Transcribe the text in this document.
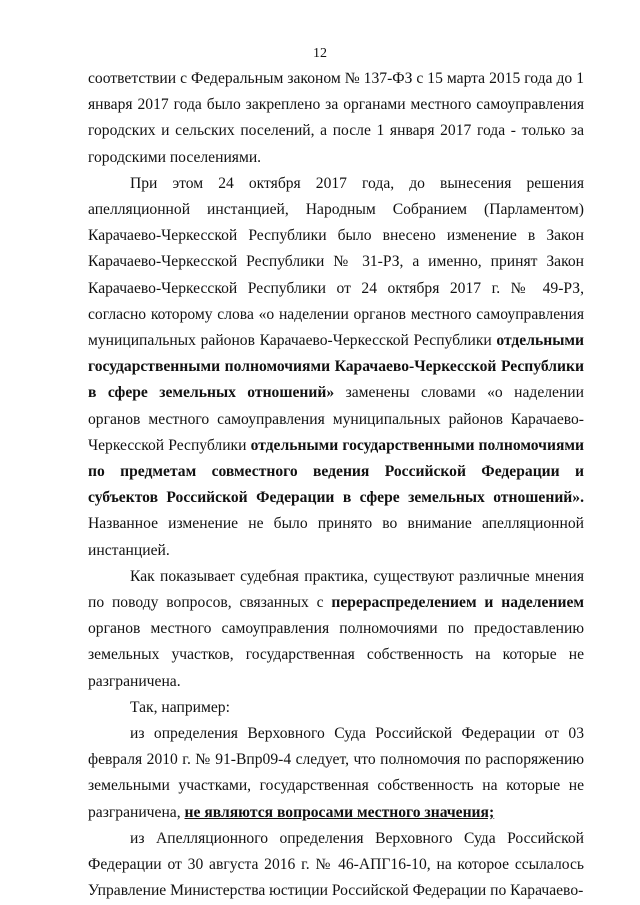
12

соответствии с Федеральным законом № 137-ФЗ с 15 марта 2015 года до 1 января 2017 года было закреплено за органами местного самоуправления городских и сельских поселений, а после 1 января 2017 года - только за городскими поселениями.

При этом 24 октября 2017 года, до вынесения решения апелляционной инстанцией, Народным Собранием (Парламентом) Карачаево-Черкесской Республики было внесено изменение в Закон Карачаево-Черкесской Республики № 31-РЗ, а именно, принят Закон Карачаево-Черкесской Республики от 24 октября 2017 г. № 49-РЗ, согласно которому слова «о наделении органов местного самоуправления муниципальных районов Карачаево-Черкесской Республики отдельными государственными полномочиями Карачаево-Черкесской Республики в сфере земельных отношений» заменены словами «о наделении органов местного самоуправления муниципальных районов Карачаево-Черкесской Республики отдельными государственными полномочиями по предметам совместного ведения Российской Федерации и субъектов Российской Федерации в сфере земельных отношений». Названное изменение не было принято во внимание апелляционной инстанцией.

Как показывает судебная практика, существуют различные мнения по поводу вопросов, связанных с перераспределением и наделением органов местного самоуправления полномочиями по предоставлению земельных участков, государственная собственность на которые не разграничена.

Так, например:

из определения Верховного Суда Российской Федерации от 03 февраля 2010 г. № 91-Впр09-4 следует, что полномочия по распоряжению земельными участками, государственная собственность на которые не разграничена, не являются вопросами местного значения;

из Апелляционного определения Верховного Суда Российской Федерации от 30 августа 2016 г. № 46-АПГ16-10, на которое ссылалось Управление Министерства юстиции Российской Федерации по Карачаево-
